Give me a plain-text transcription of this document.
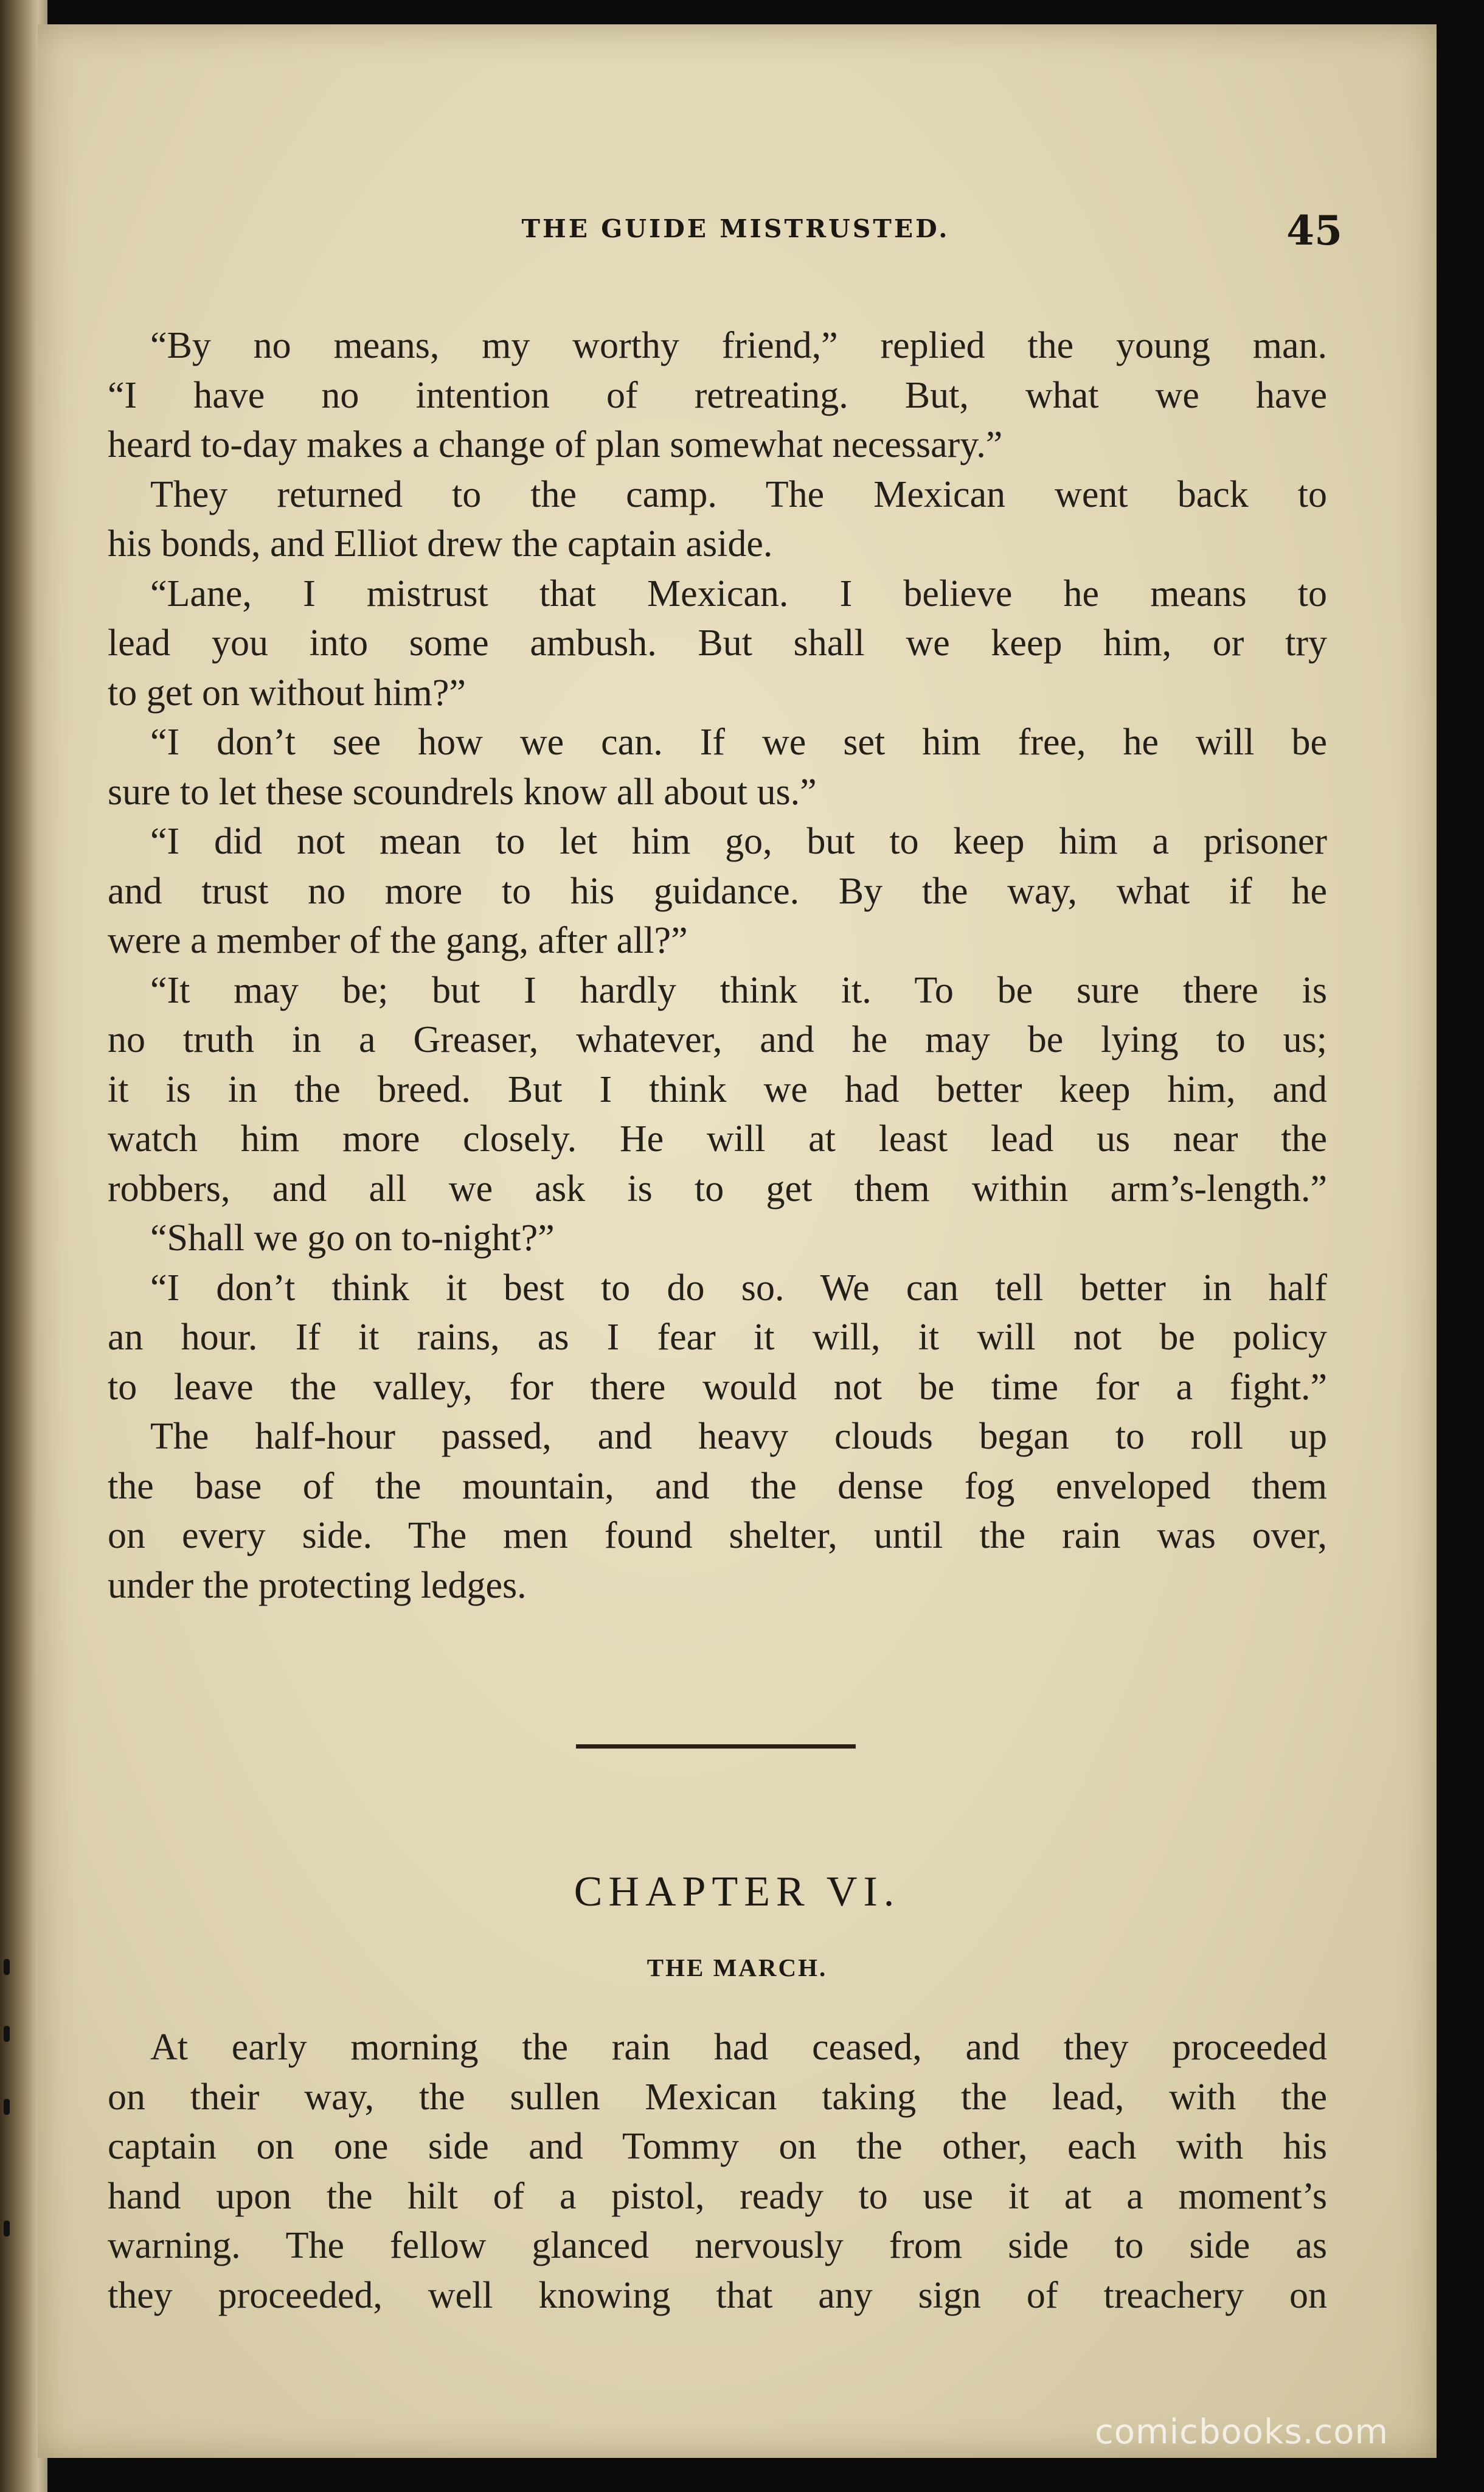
THE GUIDE MISTRUSTED.	45
“By no means, my worthy friend,” replied the young man.
“I have no intention of retreating. But, what we have
heard to-day makes a change of plan somewhat necessary.”
They returned to the camp. The Mexican went back to
his bonds, and Elliot drew the captain aside.
“Lane, I mistrust that Mexican. I believe he means to
lead you into some ambush. But shall we keep him, or try
to get on without him?”
“I don’t see how we can. If we set him free, he will be
sure to let these scoundrels know all about us.”
“I did not mean to let him go, but to keep him a prisoner
and trust no more to his guidance. By the way, what if he
were a member of the gang, after all?”
“It may be; but I hardly think it. To be sure there is
no truth in a Greaser, whatever, and he may be lying to us;
it is in the breed. But I think we had better keep him, and
watch him more closely. He will at least lead us near the
robbers, and all we ask is to get them within arm’s-length.”
“Shall we go on to-night?”
“I don’t think it best to do so. We can tell better in half
an hour. If it rains, as I fear it will, it will not be policy
to leave the valley, for there would not be time for a fight.”
The half-hour passed, and heavy clouds began to roll up
the base of the mountain, and the dense fog enveloped them
on every side. The men found shelter, until the rain was over,
under the protecting ledges.
CHAPTER VI.
THE MARCH.
At early morning the rain had ceased, and they proceeded
on their way, the sullen Mexican taking the lead, with the
captain on one side and Tommy on the other, each with his
hand upon the hilt of a pistol, ready to use it at a moment’s
warning. The fellow glanced nervously from side to side as
they proceeded, well knowing that any sign of treachery on
comicbooks.com
